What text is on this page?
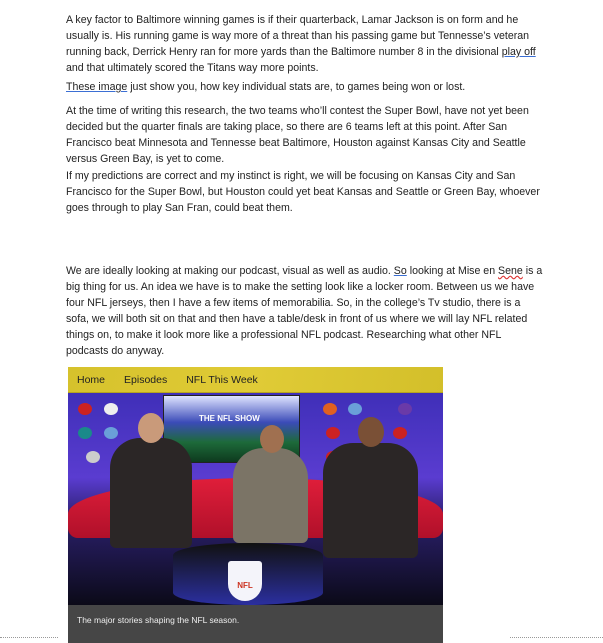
A key factor to Baltimore winning games is if their quarterback, Lamar Jackson is on form and he usually is. His running game is way more of a threat than his passing game but Tennesse’s veteran running back, Derrick Henry ran for more yards than the Baltimore number 8 in the divisional play off and that ultimately scored the Titans way more points.

These image just show you, how key individual stats are, to games being won or lost.

At the time of writing this research, the two teams who’ll contest the Super Bowl, have not yet been decided but the quarter finals are taking place, so there are 6 teams left at this point. After San Francisco beat Minnesota and Tennesse beat Baltimore, Houston against Kansas City and Seattle versus Green Bay, is yet to come.

If my predictions are correct and my instinct is right, we will be focusing on Kansas City and San Francisco for the Super Bowl, but Houston could yet beat Kansas and Seattle or Green Bay, whoever goes through to play San Fran, could beat them.

We are ideally looking at making our podcast, visual as well as audio. So looking at Mise en Sene is a big thing for us. An idea we have is to make the setting look like a locker room. Between us we have four NFL jerseys, then I have a few items of memorabilia. So, in the college’s Tv studio, there is a sofa, we will both sit on that and then have a table/desk in front of us where we will lay NFL related things on, to make it look more like a professional NFL podcast. Researching what other NFL podcasts do anyway.

Home Episodes NFL This Week
THE NFL SHOW
NFL
The major stories shaping the NFL season.
